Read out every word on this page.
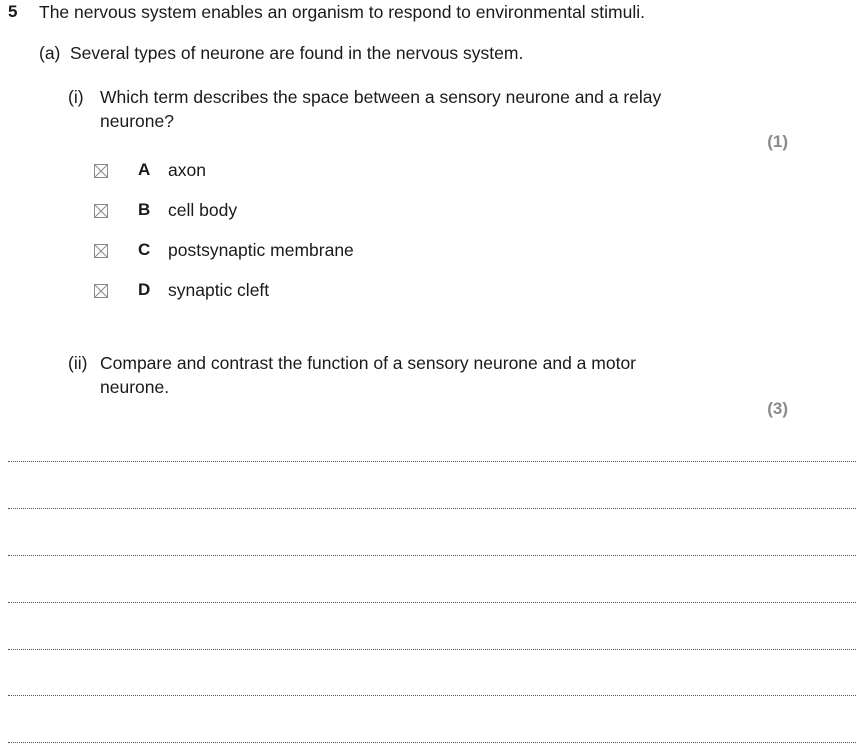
5 The nervous system enables an organism to respond to environmental stimuli.
(a) Several types of neurone are found in the nervous system.
(i) Which term describes the space between a sensory neurone and a relay neurone?
(1)
A axon
B cell body
C postsynaptic membrane
D synaptic cleft
(ii) Compare and contrast the function of a sensory neurone and a motor neurone.
(3)
